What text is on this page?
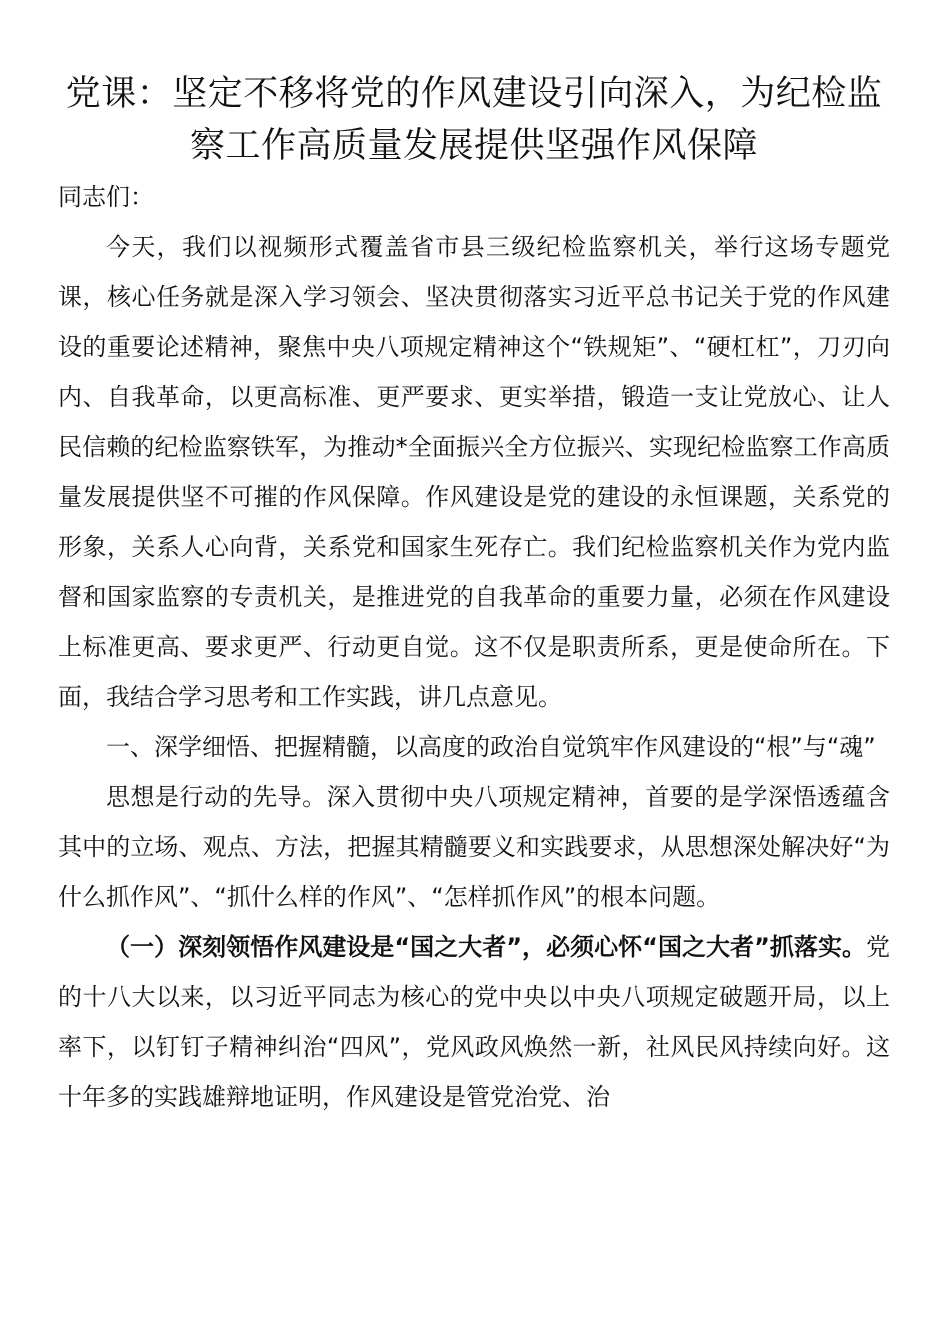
党课：坚定不移将党的作风建设引向深入，为纪检监察工作高质量发展提供坚强作风保障

同志们：

今天，我们以视频形式覆盖省市县三级纪检监察机关，举行这场专题党课，核心任务就是深入学习领会、坚决贯彻落实习近平总书记关于党的作风建设的重要论述精神，聚焦中央八项规定精神这个“铁规矩”、“硬杠杠”，刀刃向内、自我革命，以更高标准、更严要求、更实举措，锻造一支让党放心、让人民信赖的纪检监察铁军，为推动*全面振兴全方位振兴、实现纪检监察工作高质量发展提供坚不可摧的作风保障。作风建设是党的建设的永恒课题，关系党的形象，关系人心向背，关系党和国家生死存亡。我们纪检监察机关作为党内监督和国家监察的专责机关，是推进党的自我革命的重要力量，必须在作风建设上标准更高、要求更严、行动更自觉。这不仅是职责所系，更是使命所在。下面，我结合学习思考和工作实践，讲几点意见。

一、深学细悟、把握精髓，以高度的政治自觉筑牢作风建设的“根”与“魂”

思想是行动的先导。深入贯彻中央八项规定精神，首要的是学深悟透蕴含其中的立场、观点、方法，把握其精髓要义和实践要求，从思想深处解决好“为什么抓作风”、“抓什么样的作风”、“怎样抓作风”的根本问题。

（一）深刻领悟作风建设是“国之大者”，必须心怀“国之大者”抓落实。党的十八大以来，以习近平同志为核心的党中央以中央八项规定破题开局，以上率下，以钉钉子精神纠治“四风”，党风政风焕然一新，社风民风持续向好。这十年多的实践雄辩地证明，作风建设是管党治党、治
